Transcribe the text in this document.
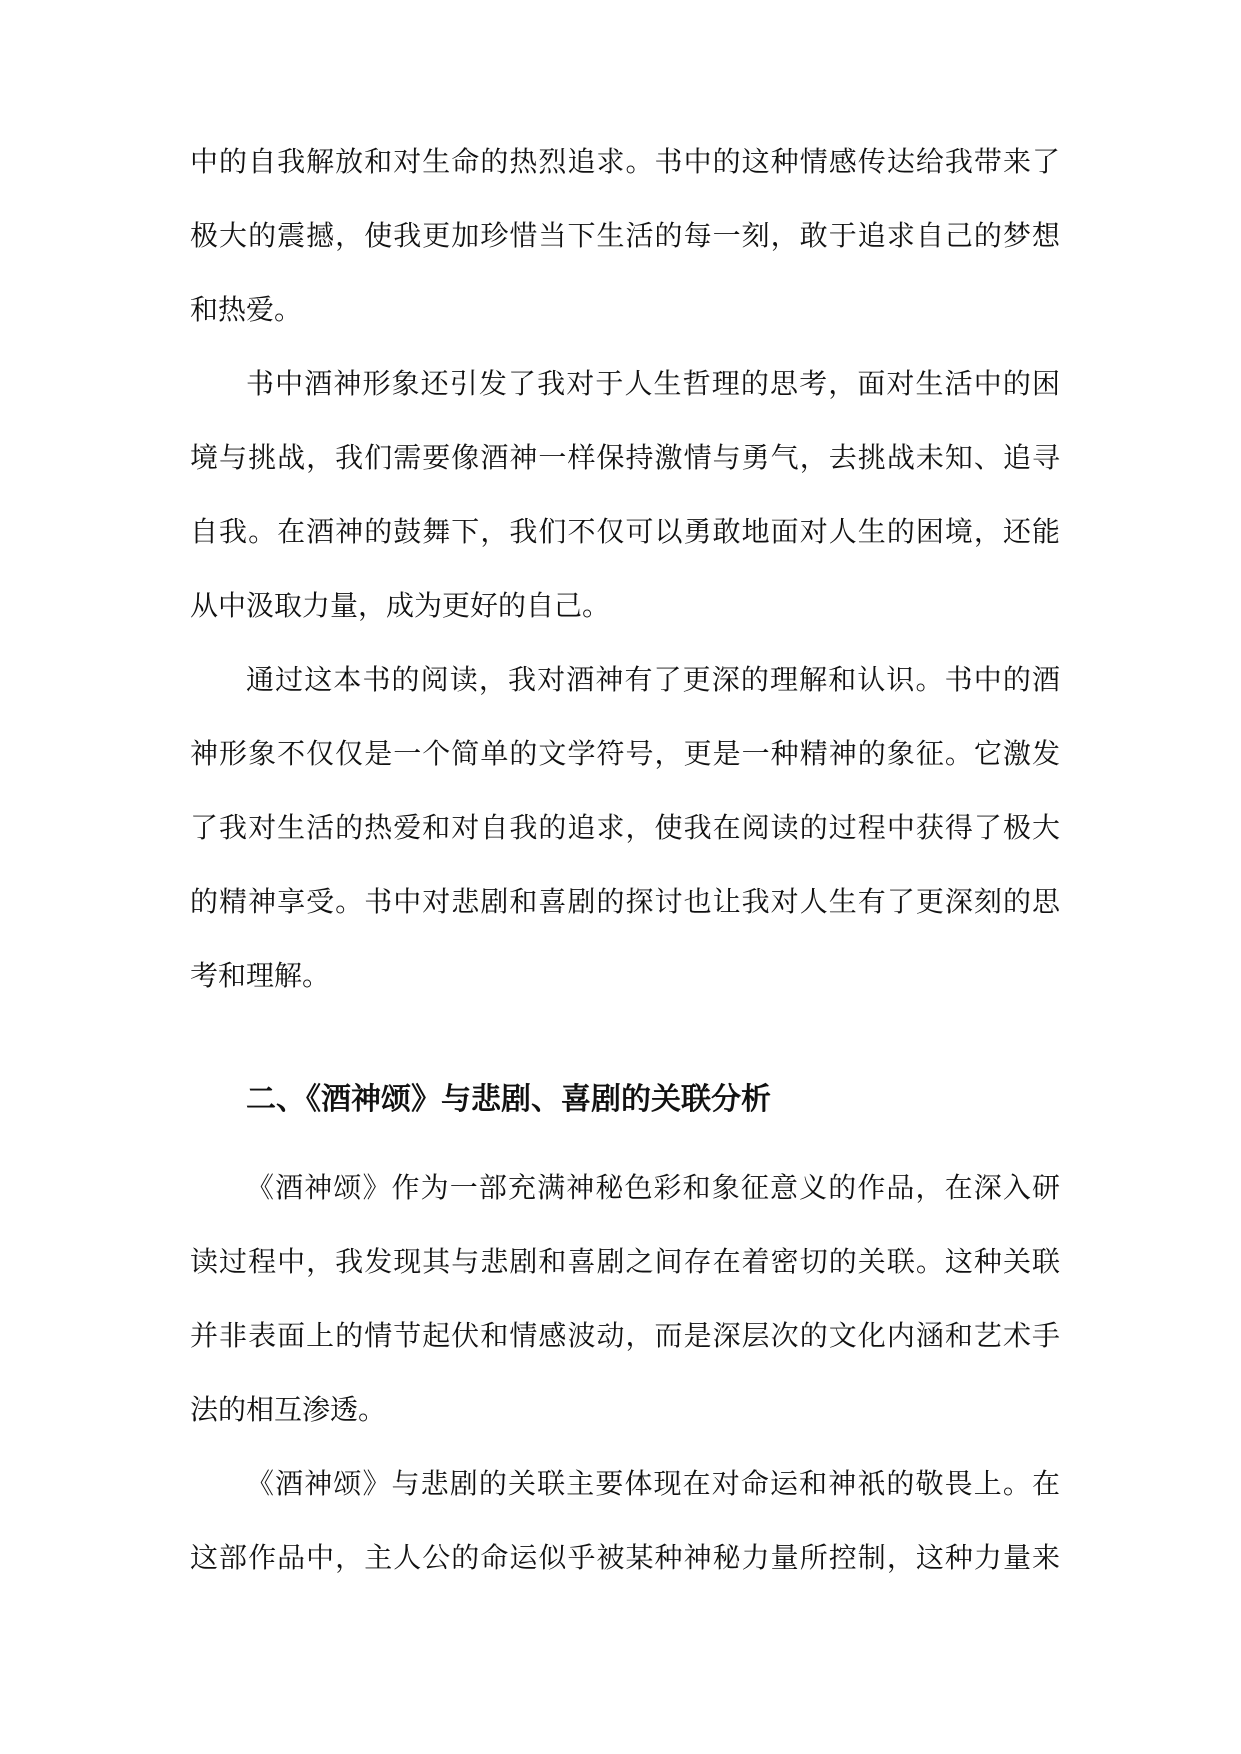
中的自我解放和对生命的热烈追求。书中的这种情感传达给我带来了
极大的震撼，使我更加珍惜当下生活的每一刻，敢于追求自己的梦想
和热爱。
书中酒神形象还引发了我对于人生哲理的思考，面对生活中的困
境与挑战，我们需要像酒神一样保持激情与勇气，去挑战未知、追寻
自我。在酒神的鼓舞下，我们不仅可以勇敢地面对人生的困境，还能
从中汲取力量，成为更好的自己。
通过这本书的阅读，我对酒神有了更深的理解和认识。书中的酒
神形象不仅仅是一个简单的文学符号，更是一种精神的象征。它激发
了我对生活的热爱和对自我的追求，使我在阅读的过程中获得了极大
的精神享受。书中对悲剧和喜剧的探讨也让我对人生有了更深刻的思
考和理解。
二、《酒神颂》与悲剧、喜剧的关联分析
《酒神颂》作为一部充满神秘色彩和象征意义的作品，在深入研
读过程中，我发现其与悲剧和喜剧之间存在着密切的关联。这种关联
并非表面上的情节起伏和情感波动，而是深层次的文化内涵和艺术手
法的相互渗透。
《酒神颂》与悲剧的关联主要体现在对命运和神祇的敬畏上。在
这部作品中，主人公的命运似乎被某种神秘力量所控制，这种力量来
